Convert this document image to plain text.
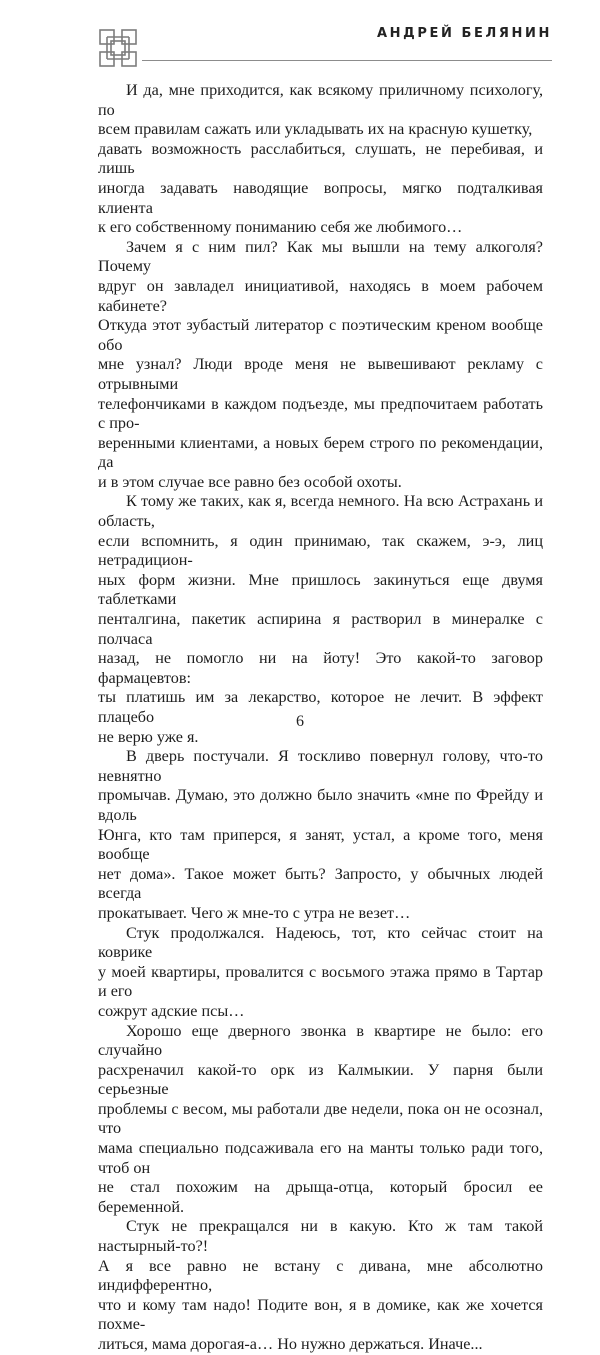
АНДРЕЙ БЕЛЯНИН

И да, мне приходится, как всякому приличному психологу, по
всем правилам сажать или укладывать их на красную кушетку,
давать возможность расслабиться, слушать, не перебивая, и лишь
иногда задавать наводящие вопросы, мягко подталкивая клиента
к его собственному пониманию себя же любимого…

Зачем я с ним пил? Как мы вышли на тему алкоголя? Почему
вдруг он завладел инициативой, находясь в моем рабочем кабинете?
Откуда этот зубастый литератор с поэтическим креном вообще обо
мне узнал? Люди вроде меня не вывешивают рекламу с отрывными
телефончиками в каждом подъезде, мы предпочитаем работать с про-
веренными клиентами, а новых берем строго по рекомендации, да
и в этом случае все равно без особой охоты.

К тому же таких, как я, всегда немного. На всю Астрахань и область,
если вспомнить, я один принимаю, так скажем, э-э, лиц нетрадицион-
ных форм жизни. Мне пришлось закинуться еще двумя таблетками
пенталгина, пакетик аспирина я растворил в минералке с полчаса
назад, не помогло ни на йоту! Это какой-то заговор фармацевтов:
ты платишь им за лекарство, которое не лечит. В эффект плацебо
не верю уже я.

В дверь постучали. Я тоскливо повернул голову, что-то невнятно
промычав. Думаю, это должно было значить «мне по Фрейду и вдоль
Юнга, кто там приперся, я занят, устал, а кроме того, меня вообще
нет дома». Такое может быть? Запросто, у обычных людей всегда
прокатывает. Чего ж мне-то с утра не везет…

Стук продолжался. Надеюсь, тот, кто сейчас стоит на коврике
у моей квартиры, провалится с восьмого этажа прямо в Тартар и его
сожрут адские псы…

Хорошо еще дверного звонка в квартире не было: его случайно
расхреначил какой-то орк из Калмыкии. У парня были серьезные
проблемы с весом, мы работали две недели, пока он не осознал, что
мама специально подсаживала его на манты только ради того, чтоб он
не стал похожим на дрыща-отца, который бросил ее беременной.

Стук не прекращался ни в какую. Кто ж там такой настырный-то?!
А я все равно не встану с дивана, мне абсолютно индифферентно,
что и кому там надо! Подите вон, я в домике, как же хочется похме-
литься, мама дорогая-а… Но нужно держаться. Иначе...

6
